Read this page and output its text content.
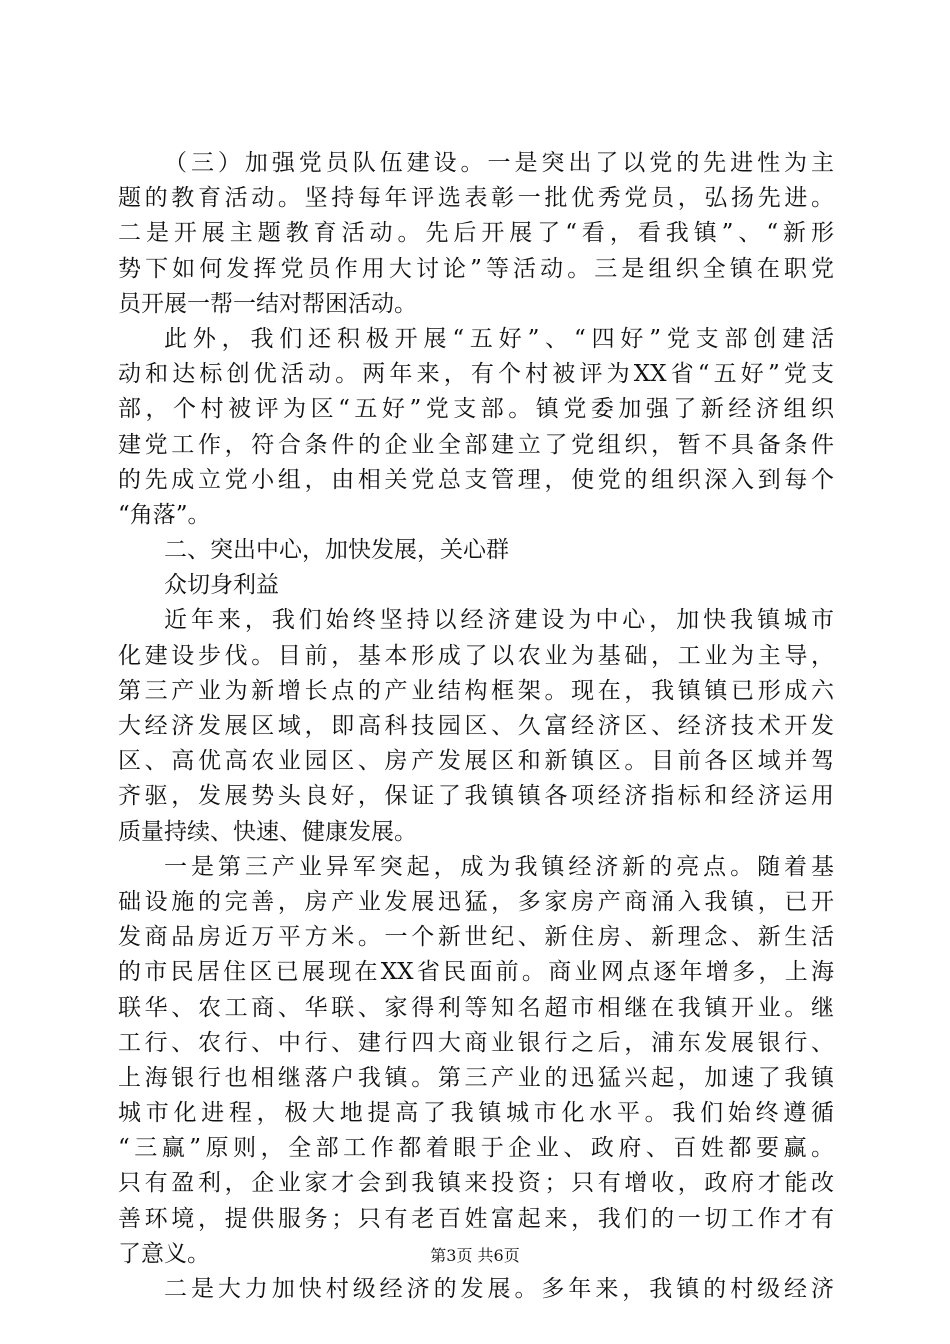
（三）加强党员队伍建设。一是突出了以党的先进性为主
题的教育活动。坚持每年评选表彰一批优秀党员，弘扬先进。
二是开展主题教育活动。先后开展了“看，看我镇”、“新形
势下如何发挥党员作用大讨论”等活动。三是组织全镇在职党
员开展一帮一结对帮困活动。
此外，我们还积极开展“五好”、“四好”党支部创建活
动和达标创优活动。两年来，有个村被评为XX省“五好”党支
部，个村被评为区“五好”党支部。镇党委加强了新经济组织
建党工作，符合条件的企业全部建立了党组织，暂不具备条件
的先成立党小组，由相关党总支管理，使党的组织深入到每个
“角落”。
二、突出中心，加快发展，关心群
众切身利益
近年来，我们始终坚持以经济建设为中心，加快我镇城市
化建设步伐。目前，基本形成了以农业为基础，工业为主导，
第三产业为新增长点的产业结构框架。现在，我镇镇已形成六
大经济发展区域，即高科技园区、久富经济区、经济技术开发
区、高优高农业园区、房产发展区和新镇区。目前各区域并驾
齐驱，发展势头良好，保证了我镇镇各项经济指标和经济运用
质量持续、快速、健康发展。
一是第三产业异军突起，成为我镇经济新的亮点。随着基
础设施的完善，房产业发展迅猛，多家房产商涌入我镇，已开
发商品房近万平方米。一个新世纪、新住房、新理念、新生活
的市民居住区已展现在XX省民面前。商业网点逐年增多，上海
联华、农工商、华联、家得利等知名超市相继在我镇开业。继
工行、农行、中行、建行四大商业银行之后，浦东发展银行、
上海银行也相继落户我镇。第三产业的迅猛兴起，加速了我镇
城市化进程，极大地提高了我镇城市化水平。我们始终遵循
“三赢”原则，全部工作都着眼于企业、政府、百姓都要赢。
只有盈利，企业家才会到我镇来投资；只有增收，政府才能改
善环境，提供服务；只有老百姓富起来，我们的一切工作才有
了意义。
二是大力加快村级经济的发展。多年来，我镇的村级经济
第3页 共6页
